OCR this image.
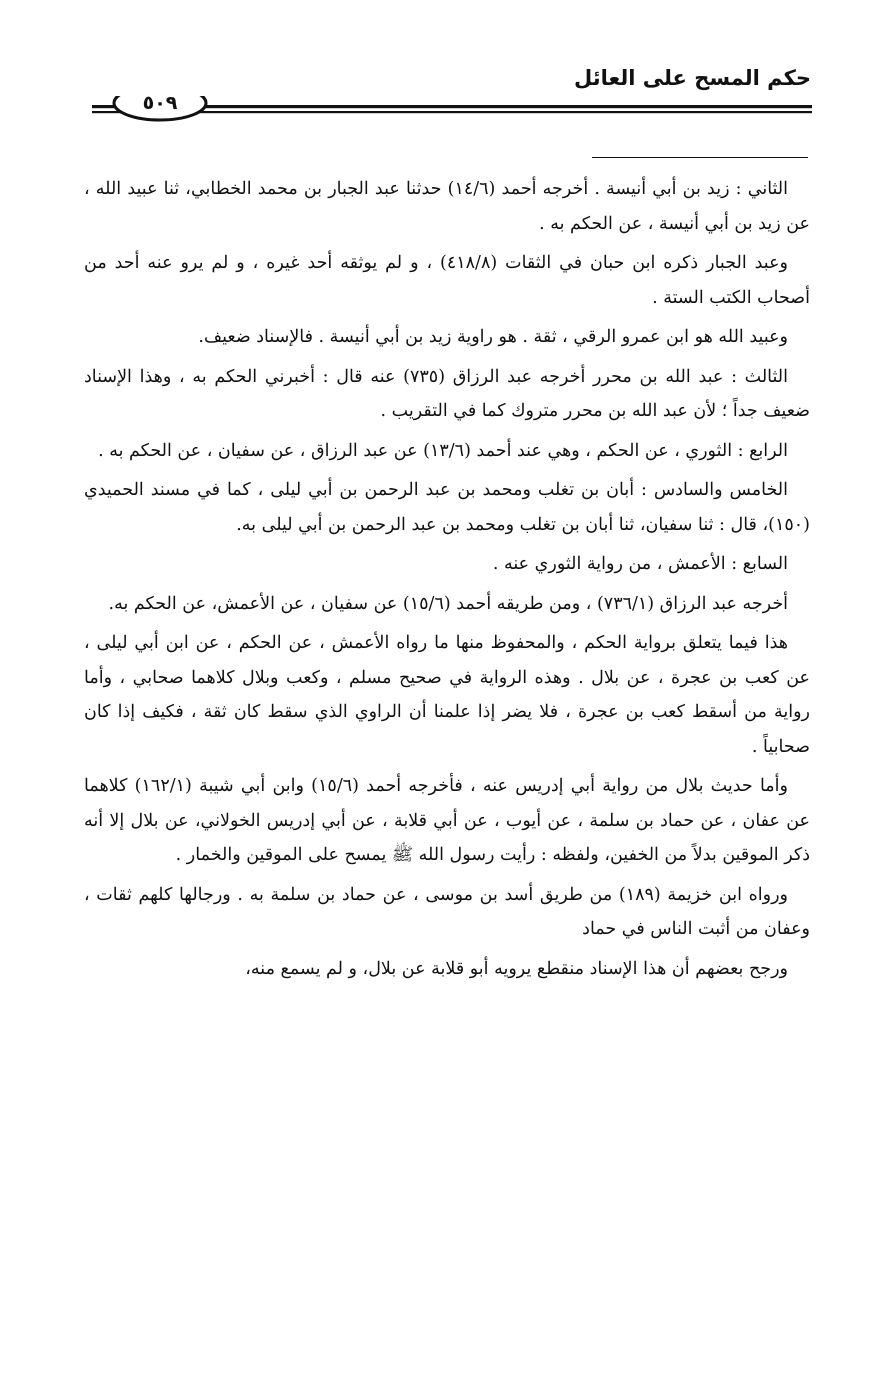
حكم المسح على العائل
٥٠٩

الثاني : زيد بن أبي أنيسة . أخرجه أحمد (١٤/٦) حدثنا عبد الجبار بن محمد الخطابي، ثنا عبيد الله ، عن زيد بن أبي أنيسة ، عن الحكم به .

وعبد الجبار ذكره ابن حبان في الثقات (٤١٨/٨) ، و لم يوثقه أحد غيره ، و لم يرو عنه أحد من أصحاب الكتب الستة .

وعبيد الله هو ابن عمرو الرقي ، ثقة . هو راوية زيد بن أبي أنيسة . فالإسناد ضعيف.

الثالث : عبد الله بن محرر أخرجه عبد الرزاق (٧٣٥) عنه قال : أخبرني الحكم به ، وهذا الإسناد ضعيف جداً ؛ لأن عبد الله بن محرر متروك كما في التقريب .

الرابع : الثوري ، عن الحكم ، وهي عند أحمد (١٣/٦) عن عبد الرزاق ، عن سفيان ، عن الحكم به .

الخامس والسادس : أبان بن تغلب ومحمد بن عبد الرحمن بن أبي ليلى ، كما في مسند الحميدي (١٥٠)، قال : ثنا سفيان، ثنا أبان بن تغلب ومحمد بن عبد الرحمن بن أبي ليلى به.

السابع : الأعمش ، من رواية الثوري عنه .

أخرجه عبد الرزاق (٧٣٦/١) ، ومن طريقه أحمد (١٥/٦) عن سفيان ، عن الأعمش، عن الحكم به.

هذا فيما يتعلق برواية الحكم ، والمحفوظ منها ما رواه الأعمش ، عن الحكم ، عن ابن أبي ليلى ، عن كعب بن عجرة ، عن بلال . وهذه الرواية في صحيح مسلم ، وكعب وبلال كلاهما صحابي ، وأما رواية من أسقط كعب بن عجرة ، فلا يضر إذا علمنا أن الراوي الذي سقط كان ثقة ، فكيف إذا كان صحابياً .

وأما حديث بلال من رواية أبي إدريس عنه ، فأخرجه أحمد (١٥/٦) وابن أبي شيبة (١٦٢/١) كلاهما عن عفان ، عن حماد بن سلمة ، عن أيوب ، عن أبي قلابة ، عن أبي إدريس الخولاني، عن بلال إلا أنه ذكر الموقين بدلاً من الخفين، ولفظه : رأيت رسول الله ﷺ يمسح على الموقين والخمار .

ورواه ابن خزيمة (١٨٩) من طريق أسد بن موسى ، عن حماد بن سلمة به . ورجالها كلهم ثقات ، وعفان من أثبت الناس في حماد

ورجح بعضهم أن هذا الإسناد منقطع يرويه أبو قلابة عن بلال، و لم يسمع منه،
